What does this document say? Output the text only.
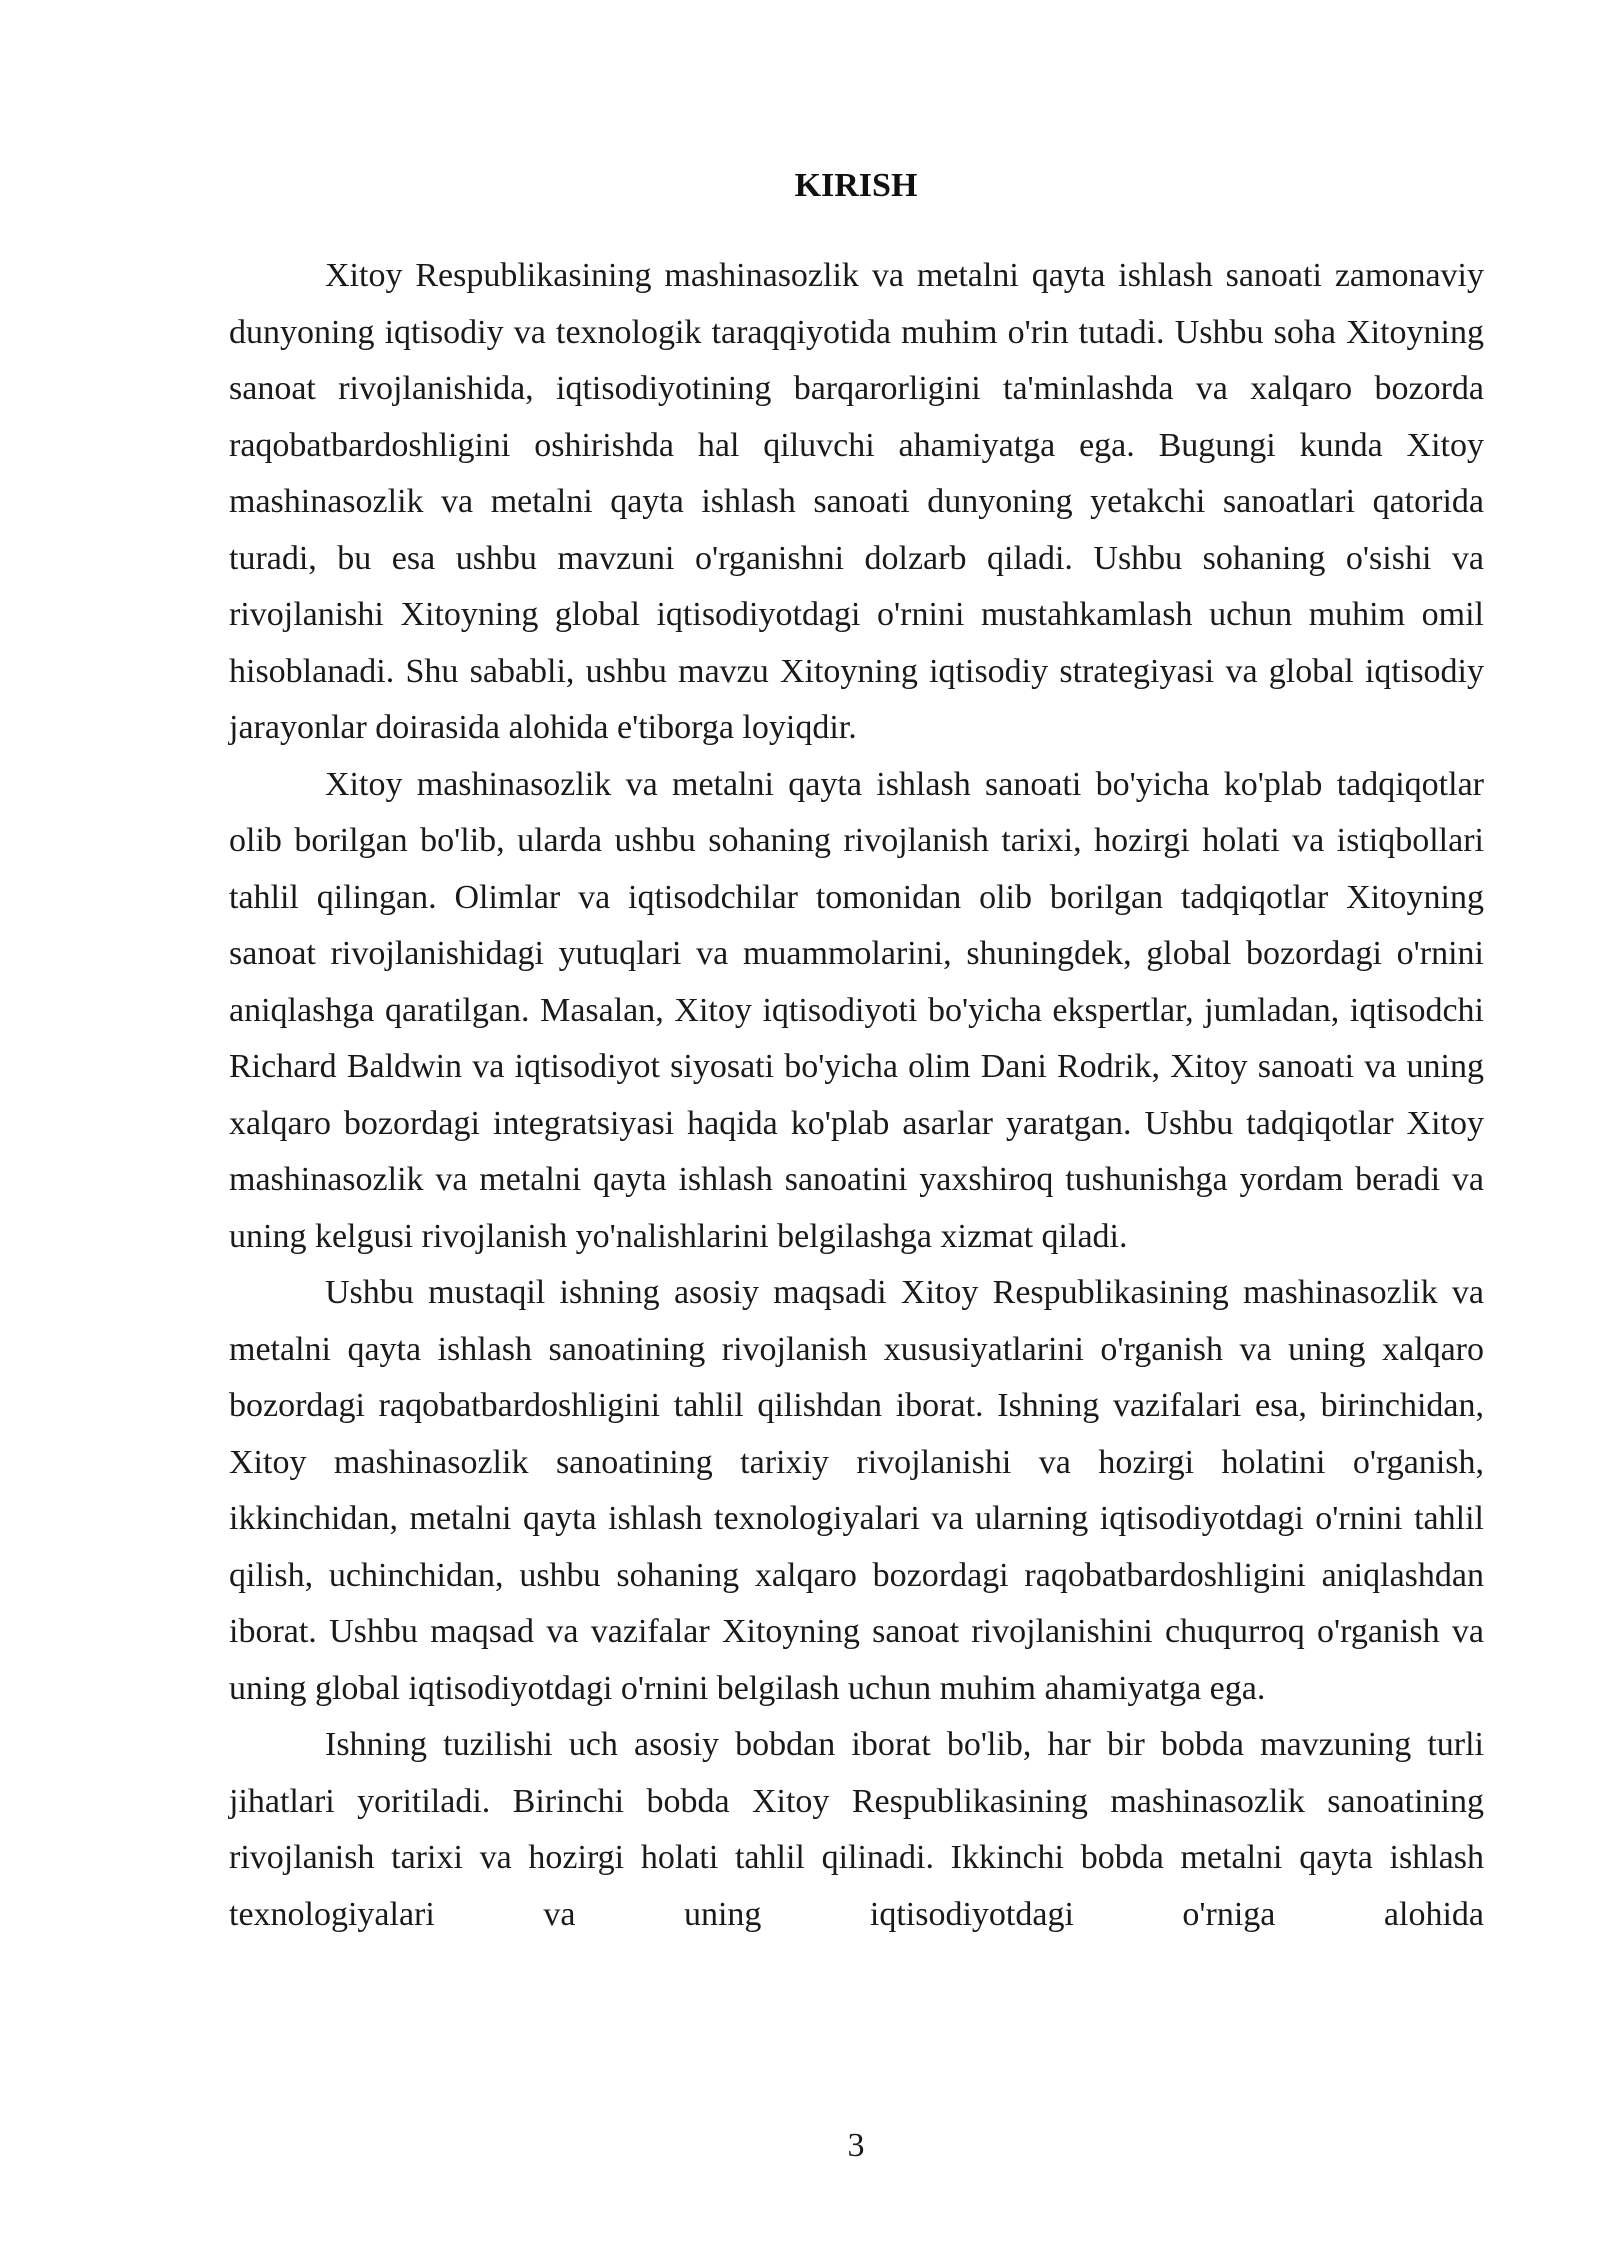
KIRISH

Xitoy Respublikasining mashinasozlik va metalni qayta ishlash sanoati zamonaviy dunyoning iqtisodiy va texnologik taraqqiyotida muhim o'rin tutadi. Ushbu soha Xitoyning sanoat rivojlanishida, iqtisodiyotining barqarorligini ta'minlashda va xalqaro bozorda raqobatbardoshligini oshirishda hal qiluvchi ahamiyatga ega. Bugungi kunda Xitoy mashinasozlik va metalni qayta ishlash sanoati dunyoning yetakchi sanoatlari qatorida turadi, bu esa ushbu mavzuni o'rganishni dolzarb qiladi. Ushbu sohaning o'sishi va rivojlanishi Xitoyning global iqtisodiyotdagi o'rnini mustahkamlash uchun muhim omil hisoblanadi. Shu sababli, ushbu mavzu Xitoyning iqtisodiy strategiyasi va global iqtisodiy jarayonlar doirasida alohida e'tiborga loyiqdir.

Xitoy mashinasozlik va metalni qayta ishlash sanoati bo'yicha ko'plab tadqiqotlar olib borilgan bo'lib, ularda ushbu sohaning rivojlanish tarixi, hozirgi holati va istiqbollari tahlil qilingan. Olimlar va iqtisodchilar tomonidan olib borilgan tadqiqotlar Xitoyning sanoat rivojlanishidagi yutuqlari va muammolarini, shuningdek, global bozordagi o'rnini aniqlashga qaratilgan. Masalan, Xitoy iqtisodiyoti bo'yicha ekspertlar, jumladan, iqtisodchi Richard Baldwin va iqtisodiyot siyosati bo'yicha olim Dani Rodrik, Xitoy sanoati va uning xalqaro bozordagi integratsiyasi haqida ko'plab asarlar yaratgan. Ushbu tadqiqotlar Xitoy mashinasozlik va metalni qayta ishlash sanoatini yaxshiroq tushunishga yordam beradi va uning kelgusi rivojlanish yo'nalishlarini belgilashga xizmat qiladi.

Ushbu mustaqil ishning asosiy maqsadi Xitoy Respublikasining mashinasozlik va metalni qayta ishlash sanoatining rivojlanish xususiyatlarini o'rganish va uning xalqaro bozordagi raqobatbardoshligini tahlil qilishdan iborat. Ishning vazifalari esa, birinchidan, Xitoy mashinasozlik sanoatining tarixiy rivojlanishi va hozirgi holatini o'rganish, ikkinchidan, metalni qayta ishlash texnologiyalari va ularning iqtisodiyotdagi o'rnini tahlil qilish, uchinchidan, ushbu sohaning xalqaro bozordagi raqobatbardoshligini aniqlashdan iborat. Ushbu maqsad va vazifalar Xitoyning sanoat rivojlanishini chuqurroq o'rganish va uning global iqtisodiyotdagi o'rnini belgilash uchun muhim ahamiyatga ega.

Ishning tuzilishi uch asosiy bobdan iborat bo'lib, har bir bobda mavzuning turli jihatlari yoritiladi. Birinchi bobda Xitoy Respublikasining mashinasozlik sanoatining rivojlanish tarixi va hozirgi holati tahlil qilinadi. Ikkinchi bobda metalni qayta ishlash texnologiyalari va uning iqtisodiyotdagi o'rniga alohida

3
